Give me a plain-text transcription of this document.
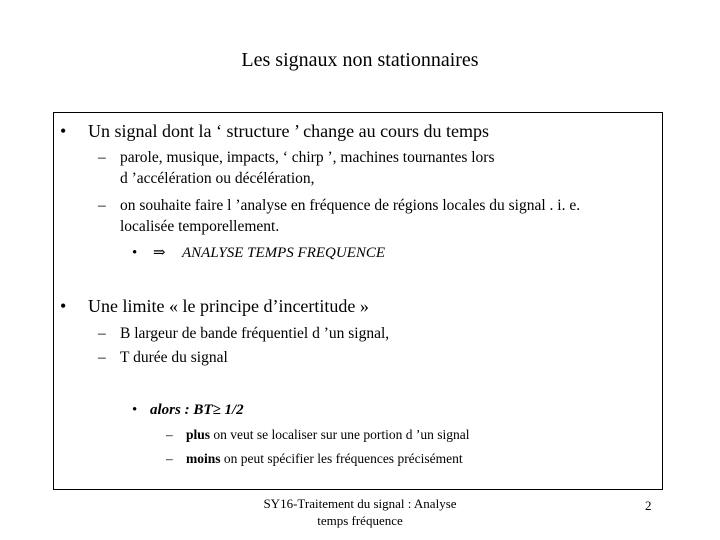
Les signaux non stationnaires
• Un signal dont la ‘ structure ’ change au cours du temps
– parole, musique, impacts, ‘ chirp ’, machines tournantes lors
d ’accélération ou décélération,
– on souhaite faire l ’analyse en fréquence de régions locales du signal . i. e.
localisée temporellement.
• ⇒ ANALYSE TEMPS FREQUENCE
• Une limite « le principe d’incertitude »
– B largeur de bande fréquentiel d ’un signal,
– T durée du signal
• alors : BT≥ 1/2
– plus on veut se localiser sur une portion d ’un signal
– moins on peut spécifier les fréquences précisément
SY16-Traitement du signal : Analyse
temps fréquence
2
